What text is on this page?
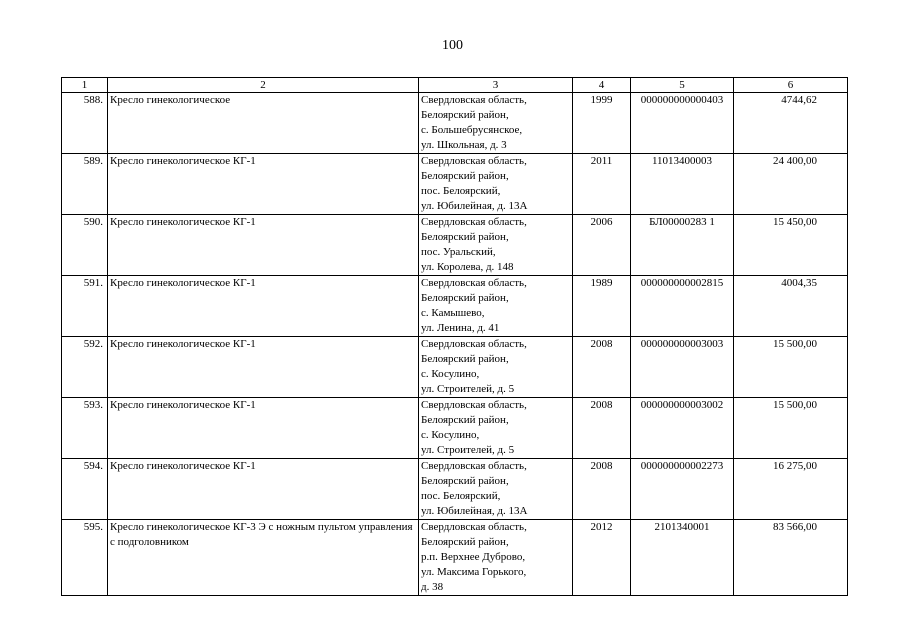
100
1	2	3	4	5	6
588.	Кресло гинекологическое	Свердловская область,
Белоярский район,
с. Большебрусянское,
ул. Школьная, д. 3	1999	000000000000403	4744,62
589.	Кресло гинекологическое КГ-1	Свердловская область,
Белоярский район,
пос. Белоярский,
ул. Юбилейная, д. 13А	2011	11013400003	24 400,00
590.	Кресло гинекологическое КГ-1	Свердловская область,
Белоярский район,
пос. Уральский,
ул. Королева, д. 148	2006	БЛ00000283 1	15 450,00
591.	Кресло гинекологическое КГ-1	Свердловская область,
Белоярский район,
с. Камышево,
ул. Ленина, д. 41	1989	000000000002815	4004,35
592.	Кресло гинекологическое КГ-1	Свердловская область,
Белоярский район,
с. Косулино,
ул. Строителей, д. 5	2008	000000000003003	15 500,00
593.	Кресло гинекологическое КГ-1	Свердловская область,
Белоярский район,
с. Косулино,
ул. Строителей, д. 5	2008	000000000003002	15 500,00
594.	Кресло гинекологическое КГ-1	Свердловская область,
Белоярский район,
пос. Белоярский,
ул. Юбилейная, д. 13А	2008	000000000002273	16 275,00
595.	Кресло гинекологическое КГ-3 Э с ножным пультом управления с подголовником	Свердловская область,
Белоярский район,
р.п. Верхнее Дуброво,
ул. Максима Горького,
д. 38	2012	2101340001	83 566,00
